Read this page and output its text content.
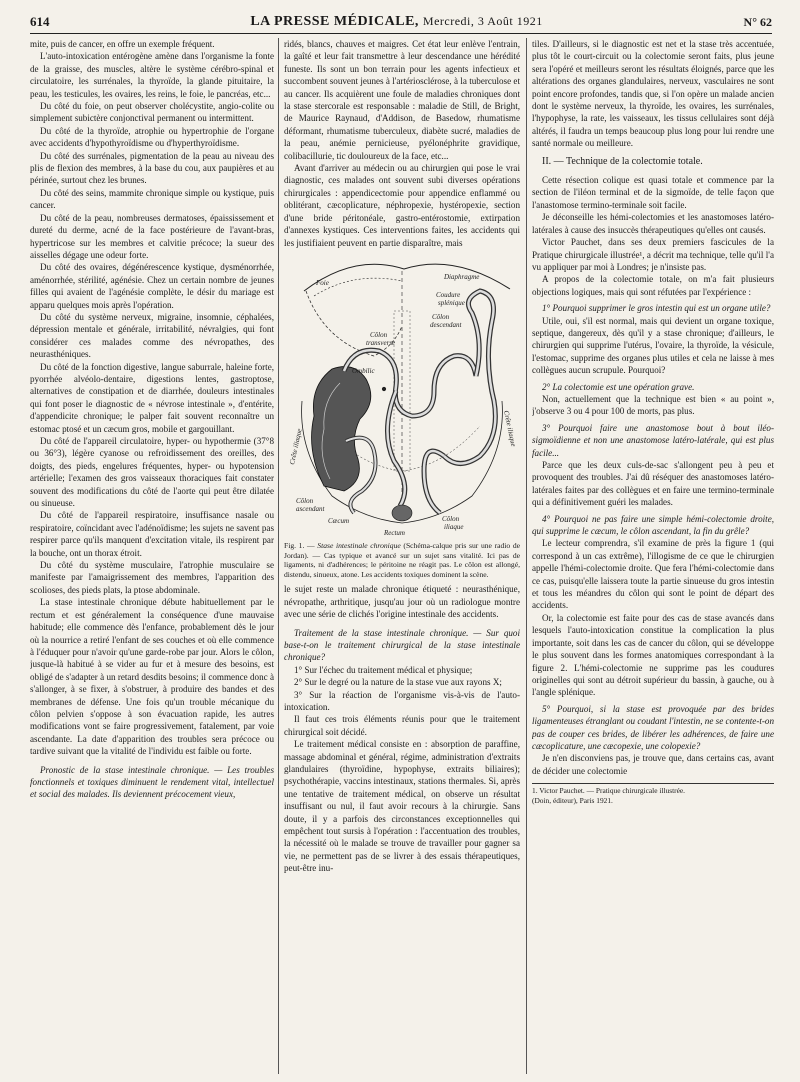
614	LA PRESSE MÉDICALE, Mercredi, 3 Août 1921	N° 62

mite, puis de cancer, en offre un exemple fréquent.

L'auto-intoxication entérogène amène dans l'organisme la fonte de la graisse, des muscles, altère le système cérébro-spinal et circulatoire, les surrénales, la thyroïde, la glande pituitaire, la peau, les testicules, les ovaires, les reins, le foie, le pancréas, etc...

Du côté du foie, on peut observer cholécystite, angio-colite ou simplement subictère conjonctival permanent ou intermittent.

Du côté de la thyroïde, atrophie ou hypertrophie de l'organe avec accidents d'hypothyroïdisme ou d'hyperthyroïdisme.

Du côté des surrénales, pigmentation de la peau au niveau des plis de flexion des membres, à la base du cou, aux paupières et au périnée, surtout chez les brunes.

Du côté des seins, mammite chronique simple ou kystique, puis cancer.

Du côté de la peau, nombreuses dermatoses, épaississement et dureté du derme, acné de la face postérieure de l'avant-bras, hypertricose sur les membres et calvitie précoce; la sueur des aisselles dégage une odeur forte.

Du côté des ovaires, dégénérescence kystique, dysménorrhée, aménorrhée, stérilité, agénésie. Chez un certain nombre de jeunes filles qui avaient de l'agénésie complète, le désir du mariage est apparu quelques mois après l'opération.

Du côté du système nerveux, migraine, insomnie, céphalées, dépression mentale et générale, irritabilité, névralgies, qui font considérer ces malades comme des névropathes, des neurasthéniques.

Du côté de la fonction digestive, langue saburrale, haleine forte, pyorrhée alvéolo-dentaire, digestions lentes, gastroptose, alternatives de constipation et de diarrhée, douleurs intestinales qui font poser le diagnostic de « névrose intestinale », d'entérite, d'appendicite chronique; le palper fait souvent reconnaître un estomac ptosé et un cæcum gros, mobile et gargouillant.

Du côté de l'appareil circulatoire, hyper- ou hypothermie (37°8 ou 36°3), légère cyanose ou refroidissement des oreilles, des doigts, des pieds, engelures fréquentes, hyper- ou hypotension artérielle; l'examen des gros vaisseaux thoraciques fait constater souvent des modifications du côté de l'aorte qui peut être dilatée ou sinueuse.

Du côté de l'appareil respiratoire, insuffisance nasale ou respiratoire, coïncidant avec l'adénoïdisme; les sujets ne savent pas respirer parce qu'ils manquent d'excitation vitale, ils respirent par la bouche, ont un thorax étroit.

Du côté du système musculaire, l'atrophie musculaire se manifeste par l'amaigrissement des membres, l'apparition des scolioses, des pieds plats, la ptose abdominale.

La stase intestinale chronique débute habituellement par le rectum et est généralement la conséquence d'une mauvaise habitude; elle commence dès l'enfance, probablement dès le jour où la nourrice a retiré l'enfant de ses couches et où elle commence à l'éduquer pour n'avoir qu'une garde-robe par jour. Alors le côlon, jusque-là habitué à se vider au fur et à mesure des besoins, est obligé de s'adapter à un retard desdits besoins; il commence donc à s'allonger, à se fixer, à s'obstruer, à produire des bandes et des membranes de défense. Une fois qu'un trouble mécanique du côlon pelvien s'oppose à son évacuation rapide, les autres modifications vont se faire progressivement, fatalement, par voie ascendante. La date d'apparition des troubles sera précoce ou tardive suivant que la vitalité de l'individu est faible ou forte.

Pronostic de la stase intestinale chronique. — Les troubles fonctionnels et toxiques diminuent le rendement vital, intellectuel et social des malades. Ils deviennent précocement vieux,

ridés, blancs, chauves et maigres. Cet état leur enlève l'entrain, la gaîté et leur fait transmettre à leur descendance une hérédité funeste. Ils sont un bon terrain pour les agents infectieux et succombent souvent jeunes à l'artériosclérose, à la tuberculose et au cancer. Ils acquièrent une foule de maladies chroniques dont la stase stercorale est responsable : maladie de Still, de Bright, de Maurice Raynaud, d'Addison, de Basedow, rhumatisme déformant, rhumatisme tuberculeux, diabète sucré, maladies de la peau, anémie pernicieuse, pyélonéphrite gravidique, colibacillurie, tic douloureux de la face, etc...

Avant d'arriver au médecin ou au chirurgien qui pose le vrai diagnostic, ces malades ont souvent subi diverses opérations chirurgicales : appendicectomie pour appendice enflammé ou oblitérant, cæcoplicature, néphropexie, hystéropexie, section d'une bride péritonéale, gastro-entérostomie, extirpation d'annexes kystiques. Ces interventions faites, les accidents qui les justifiaient peuvent en partie disparaître, mais

Foie
Diaphragme
Coudure
splénique
Côlon
descendant
Côlon
transverse
Ombilic
Crête iliaque	Crête iliaque
Côlon
ascendant
Cæcum
Rectum
Côlon
iliaque

Fig. 1. — Stase intestinale chronique (Schéma-calque pris sur une radio de Jordan). — Cas typique et avancé sur un sujet sans vitalité. Ici pas de ligaments, ni d'adhérences; le péritoine ne réagit pas. Le côlon est allongé, distendu, sinueux, atone. Les accidents toxiques dominent la scène.

le sujet reste un malade chronique étiqueté : neurasthénique, névropathe, arthritique, jusqu'au jour où un radiologue montre avec une série de clichés l'origine intestinale des accidents.

Traitement de la stase intestinale chronique. — Sur quoi base-t-on le traitement chirurgical de la stase intestinale chronique?

1° Sur l'échec du traitement médical et physique;

2° Sur le degré ou la nature de la stase vue aux rayons X;

3° Sur la réaction de l'organisme vis-à-vis de l'auto-intoxication.

Il faut ces trois éléments réunis pour que le traitement chirurgical soit décidé.

Le traitement médical consiste en : absorption de paraffine, massage abdominal et général, régime, administration d'extraits glandulaires (thyroïdine, hypophyse, extraits biliaires); psychothérapie, vaccins intestinaux, stations thermales. Si, après une tentative de traitement médical, on observe un résultat insuffisant ou nul, il faut avoir recours à la chirurgie. Sans doute, il y a parfois des circonstances exceptionnelles qui empêchent tout sursis à l'opération : l'accentuation des troubles, la nécessité où le malade se trouve de travailler pour gagner sa vie, ne permettent pas de se livrer à des essais thérapeutiques, peut-être inu-

tiles. D'ailleurs, si le diagnostic est net et la stase très accentuée, plus tôt le court-circuit ou la colectomie seront faits, plus jeune sera l'opéré et meilleurs seront les résultats éloignés, parce que les altérations des organes glandulaires, nerveux, vasculaires ne sont point encore profondes, tandis que, si l'on opère un malade ancien dont le système nerveux, la thyroïde, les ovaires, les surrénales, l'hypophyse, la rate, les vaisseaux, les tissus cellulaires sont déjà altérés, il faudra un temps beaucoup plus long pour lui rendre une santé normale ou meilleure.

II. — Technique de la colectomie totale.

Cette résection colique est quasi totale et commence par la section de l'iléon terminal et de la sigmoïde, de telle façon que l'anastomose termino-terminale soit facile.

Je déconseille les hémi-colectomies et les anastomoses latéro-latérales à cause des insuccès thérapeutiques qu'elles ont causés.

Victor Pauchet, dans ses deux premiers fascicules de la Pratique chirurgicale illustrée¹, a décrit ma technique, telle qu'il l'a vu appliquer par moi à Londres; je n'insiste pas.

A propos de la colectomie totale, on m'a fait plusieurs objections logiques, mais qui sont réfutées par l'expérience :

1° Pourquoi supprimer le gros intestin qui est un organe utile?

Utile, oui, s'il est normal, mais qui devient un organe toxique, septique, dangereux, dès qu'il y a stase chronique; d'ailleurs, le chirurgien qui supprime l'utérus, l'ovaire, la thyroïde, la vésicule, l'estomac, supprime des organes plus utiles et cela ne laisse à mes collègues aucun scrupule. Pourquoi?

2° La colectomie est une opération grave.

Non, actuellement que la technique est bien « au point », j'observe 3 ou 4 pour 100 de morts, pas plus.

3° Pourquoi faire une anastomose bout à bout iléo-sigmoïdienne et non une anastomose latéro-latérale, qui est plus facile...

Parce que les deux culs-de-sac s'allongent peu à peu et provoquent des troubles. J'ai dû réséquer des anastomoses latéro-latérales faites par des collègues et en faire une termino-terminale qui a définitivement guéri les malades.

4° Pourquoi ne pas faire une simple hémi-colectomie droite, qui supprime le cæcum, le côlon ascendant, la fin du grêle?

Le lecteur comprendra, s'il examine de près la figure 1 (qui correspond à un cas extrême), l'illogisme de ce que le chirurgien appelle l'hémi-colectomie droite. Que fera l'hémi-colectomie dans ce cas, puisqu'elle laissera toute la partie sinueuse du gros intestin et tous les méandres du côlon qui sont le point de départ des accidents.

Or, la colectomie est faite pour des cas de stase avancés dans lesquels l'auto-intoxication constitue la complication la plus importante, soit dans les cas de cancer du côlon, qui se développe le plus souvent dans les formes anatomiques correspondant à la figure 2. L'hémi-colectomie ne supprime pas les coudures originelles qui sont au détroit supérieur du bassin, à gauche, ou à l'angle splénique.

5° Pourquoi, si la stase est provoquée par des brides ligamenteuses étranglant ou coudant l'intestin, ne se contente-t-on pas de couper ces brides, de libérer les adhérences, de faire une cæcoplicature, une cæcopexie, une colopexie?

Je n'en disconviens pas, je trouve que, dans certains cas, avant de décider une colectomie

1. Victor Pauchet. — Pratique chirurgicale illustrée.
(Doin, éditeur), Paris 1921.
